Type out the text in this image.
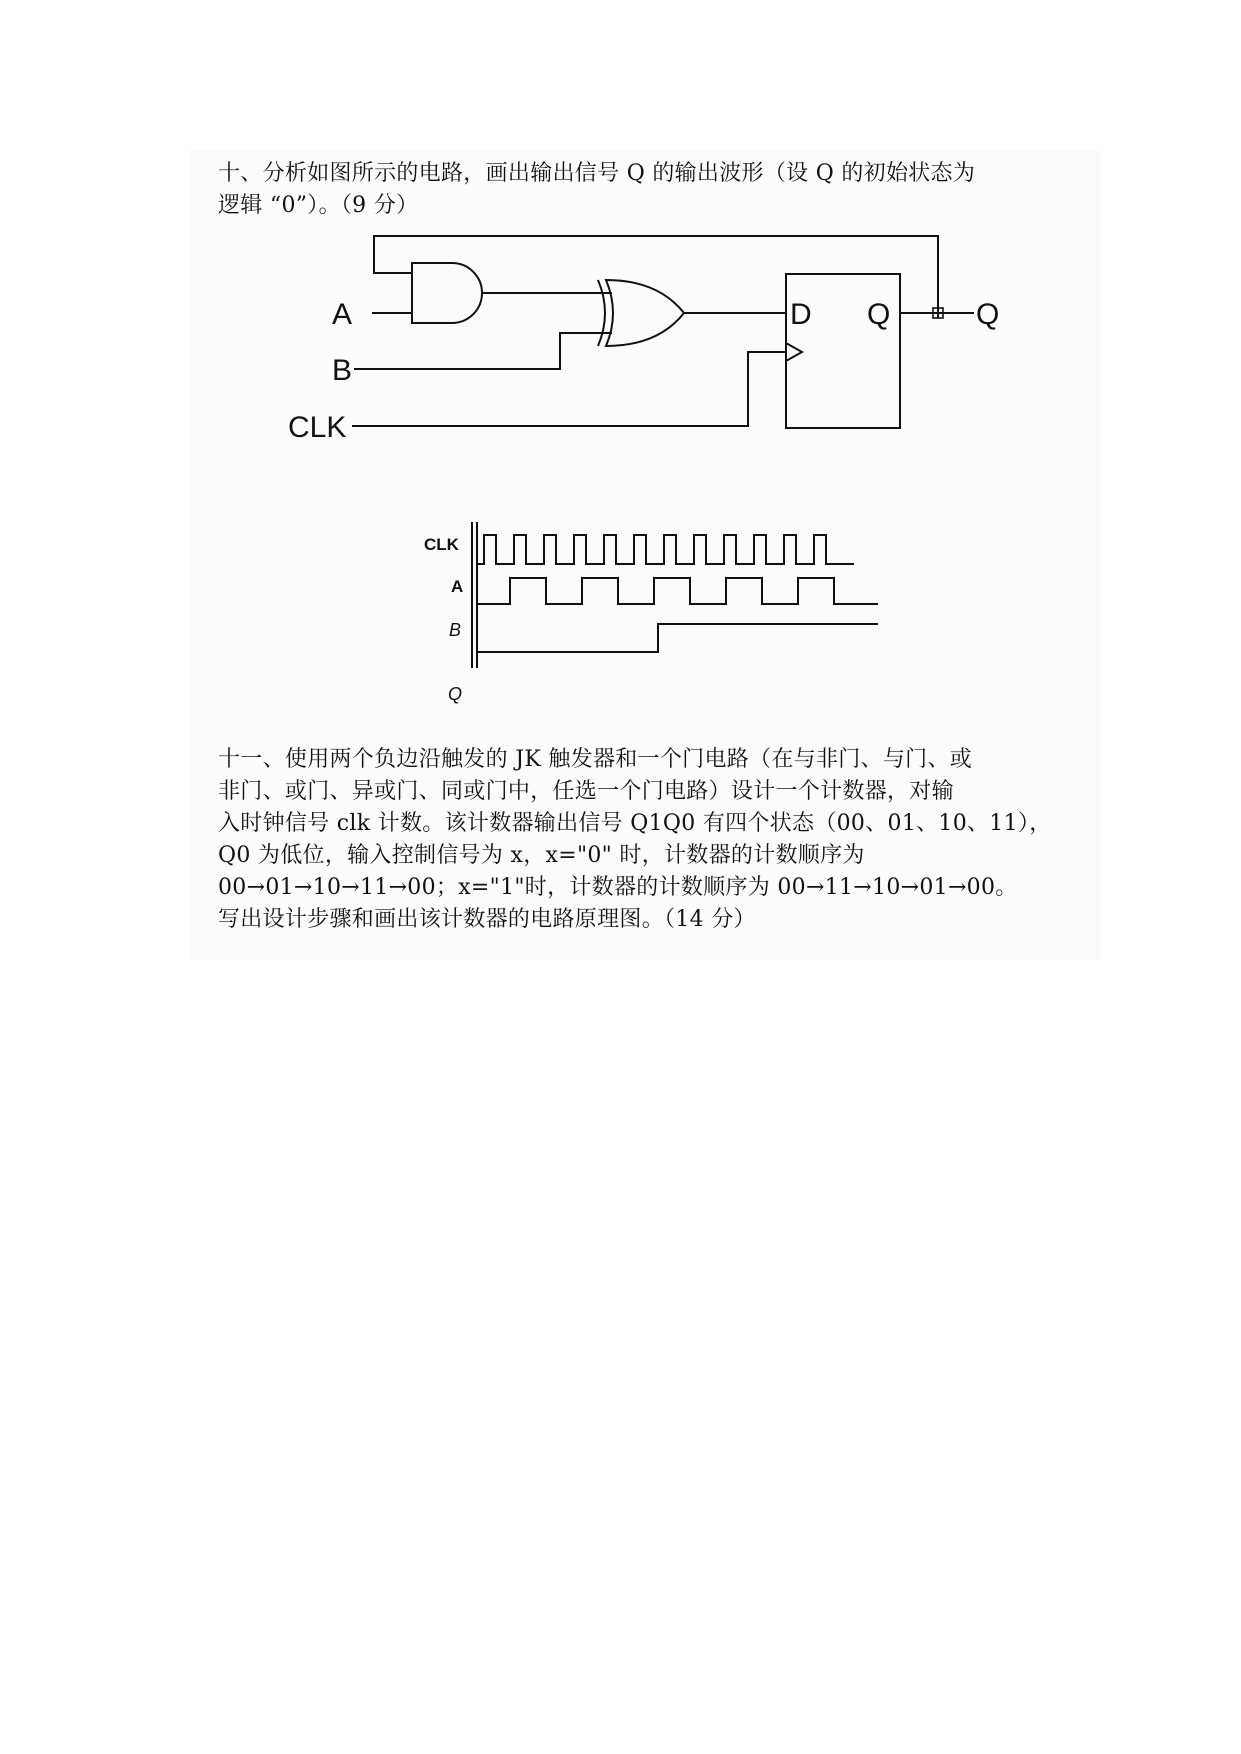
十、分析如图所示的电路，画出输出信号 Q 的输出波形（设 Q 的初始状态为

逻辑 “0”）。（9 分）

A
B
CLK
D Q	Q
CLK
A
B
Q

十一、使用两个负边沿触发的 JK 触发器和一个门电路（在与非门、与门、或

非门、或门、异或门、同或门中，任选一个门电路）设计一个计数器，对输

入时钟信号 clk 计数。该计数器输出信号 Q1Q0 有四个状态（00、01、10、11），

Q0 为低位，输入控制信号为 x，x="0" 时，计数器的计数顺序为

00→01→10→11→00；x="1"时，计数器的计数顺序为 00→11→10→01→00。

写出设计步骤和画出该计数器的电路原理图。（14 分）
